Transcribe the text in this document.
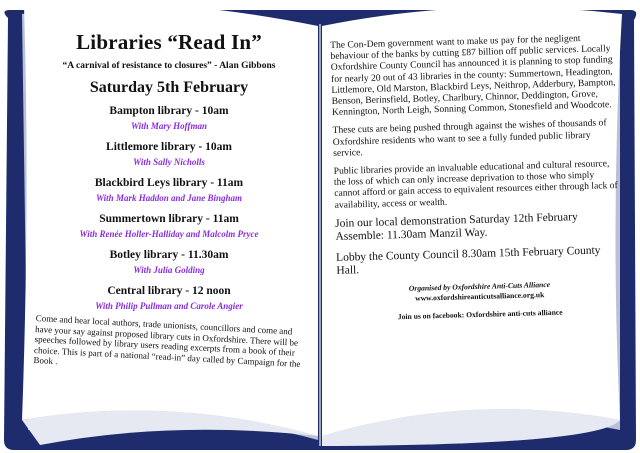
Libraries “Read In”
“A carnival of resistance to closures” - Alan Gibbons
Saturday 5th February
Bampton library - 10am
With Mary Hoffman
Littlemore library - 10am
With Sally Nicholls
Blackbird Leys library - 11am
With Mark Haddon and Jane Bingham
Summertown library - 11am
With Renée Holler-Halliday and Malcolm Pryce
Botley library - 11.30am
With Julia Golding
Central library - 12 noon
With Philip Pullman and Carole Angier

Come and hear local authors, trade unionists, councillors and come and have your say against proposed library cuts in Oxfordshire. There will be speeches followed by library users reading excerpts from a book of their choice. This is part of a national “read-in” day called by Campaign for the Book .

The Con-Dem government want to make us pay for the negligent behaviour of the banks by cutting £87 billion off public services. Locally Oxfordshire County Council has announced it is planning to stop funding for nearly 20 out of 43 libraries in the county: Summertown, Headington, Littlemore, Old Marston, Blackbird Leys, Neithrop, Adderbury, Bampton, Benson, Berinsfield, Botley, Charlbury, Chinnor, Deddington, Grove, Kennington, North Leigh, Sonning Common, Stonesfield and Woodcote.

These cuts are being pushed through against the wishes of thousands of Oxfordshire residents who want to see a fully funded public library service.

Public libraries provide an invaluable educational and cultural resource, the loss of which can only increase deprivation to those who simply cannot afford or gain access to equivalent resources either through lack of availability, access or wealth.

Join our local demonstration Saturday 12th February Assemble: 11.30am Manzil Way.

Lobby the County Council 8.30am 15th February County Hall.

Organised by Oxfordshire Anti-Cuts Alliance
www.oxfordshireanticutsalliance.org.uk
Join us on facebook: Oxfordshire anti-cuts alliance
